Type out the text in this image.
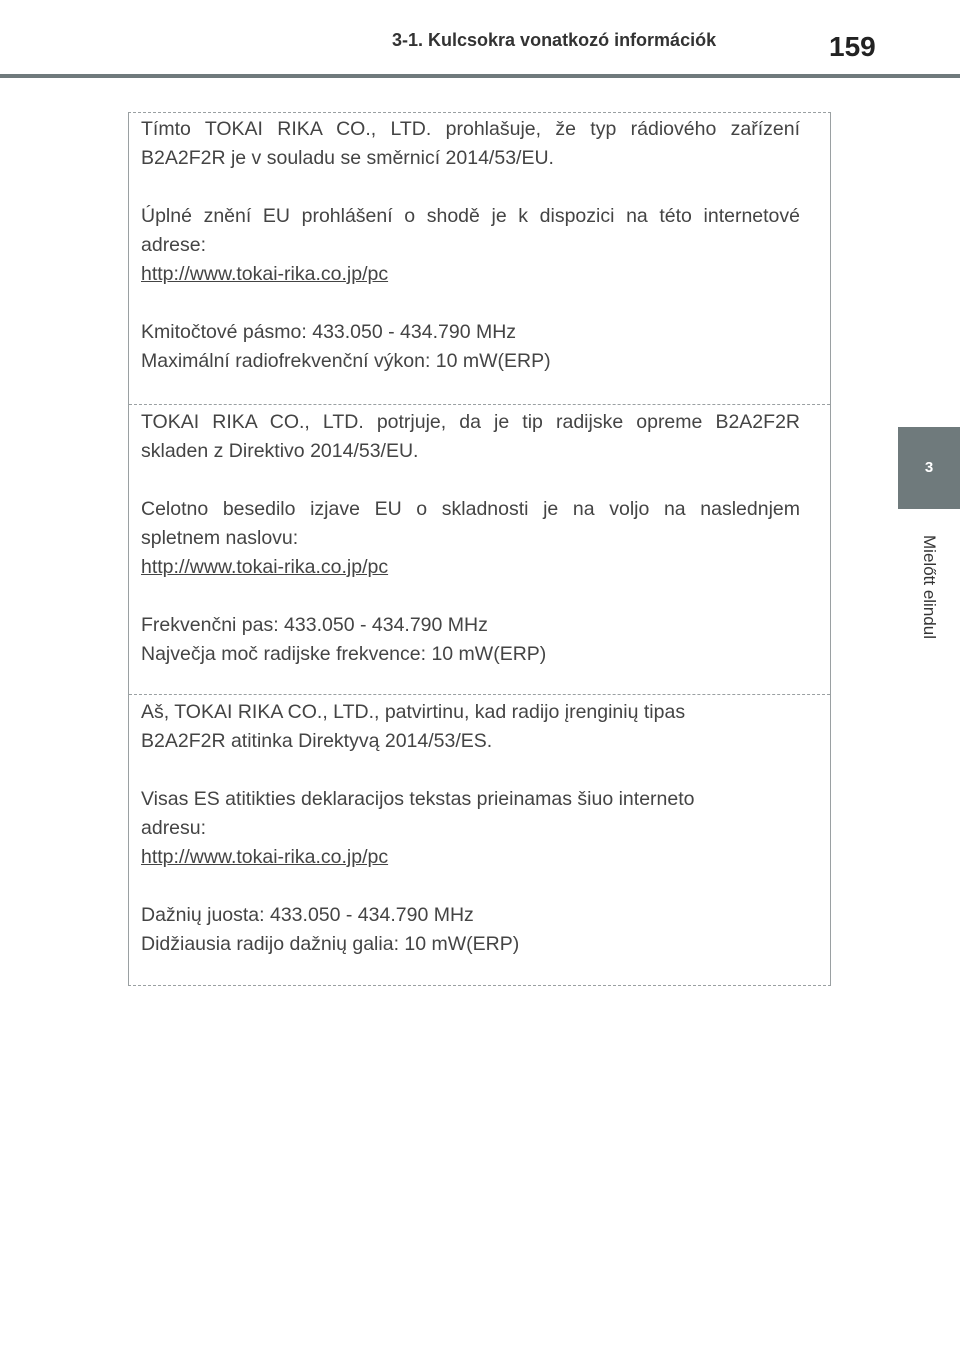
3-1. Kulcsokra vonatkozó információk	159
3
Mielőtt elindul
Tímto TOKAI RIKA CO., LTD. prohlašuje, že typ rádiového zařízení
B2A2F2R je v souladu se směrnicí 2014/53/EU.
Úplné znění EU prohlášení o shodě je k dispozici na této internetové
adrese:
http://www.tokai-rika.co.jp/pc
Kmitočtové pásmo: 433.050 - 434.790 MHz
Maximální radiofrekvenční výkon: 10 mW(ERP)
TOKAI RIKA CO., LTD. potrjuje, da je tip radijske opreme B2A2F2R
skladen z Direktivo 2014/53/EU.
Celotno besedilo izjave EU o skladnosti je na voljo na naslednjem
spletnem naslovu:
http://www.tokai-rika.co.jp/pc
Frekvenčni pas: 433.050 - 434.790 MHz
Največja moč radijske frekvence: 10 mW(ERP)
Aš, TOKAI RIKA CO., LTD., patvirtinu, kad radijo įrenginių tipas
B2A2F2R atitinka Direktyvą 2014/53/ES.
Visas ES atitikties deklaracijos tekstas prieinamas šiuo interneto
adresu:
http://www.tokai-rika.co.jp/pc
Dažnių juosta: 433.050 - 434.790 MHz
Didžiausia radijo dažnių galia: 10 mW(ERP)
